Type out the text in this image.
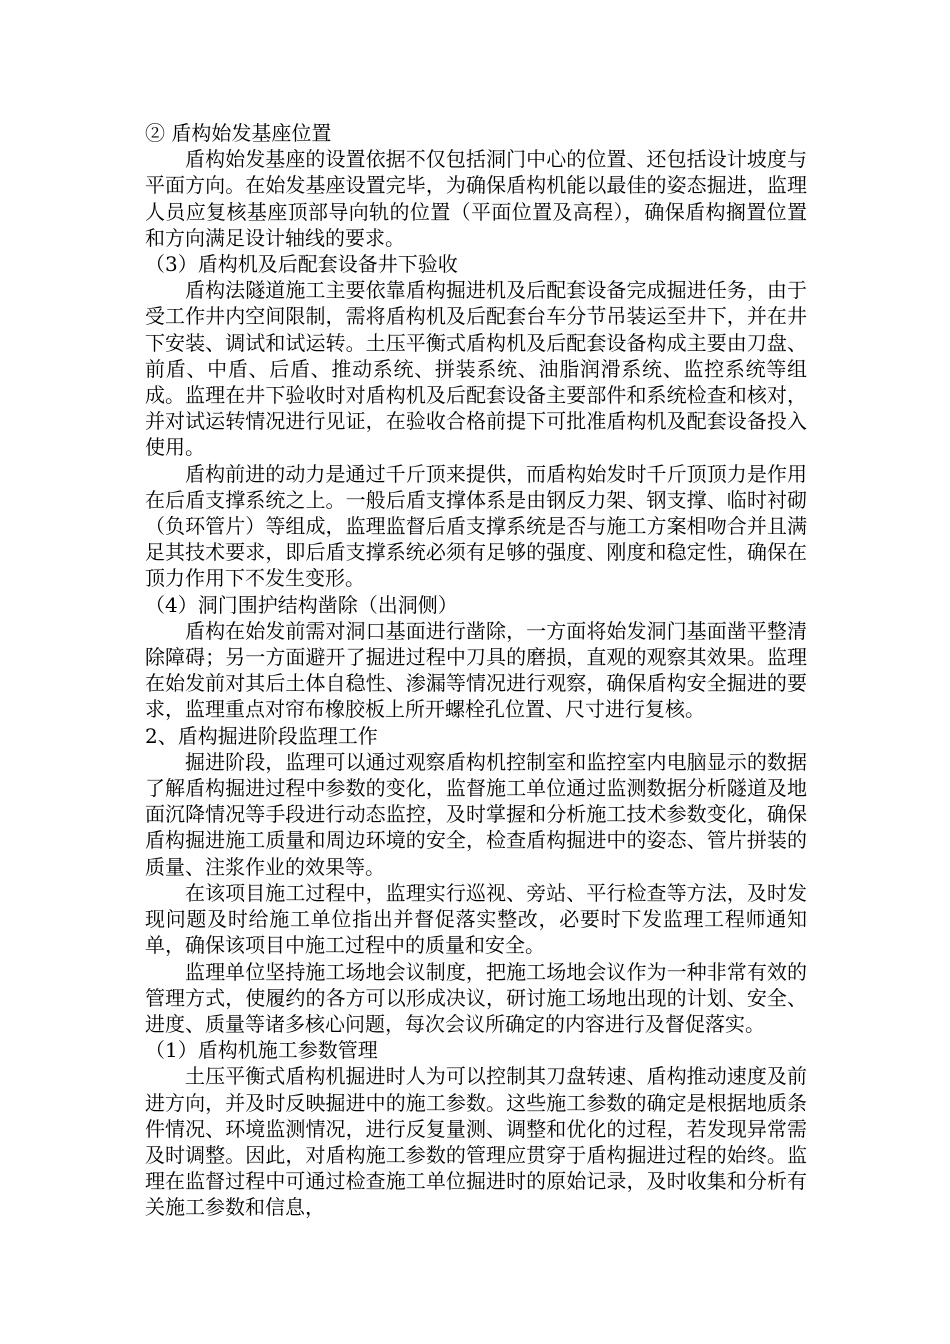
② 盾构始发基座位置

盾构始发基座的设置依据不仅包括洞门中心的位置、还包括设计坡度与平面方向。在始发基座设置完毕，为确保盾构机能以最佳的姿态掘进，监理人员应复核基座顶部导向轨的位置（平面位置及高程），确保盾构搁置位置和方向满足设计轴线的要求。

（3）盾构机及后配套设备井下验收

盾构法隧道施工主要依靠盾构掘进机及后配套设备完成掘进任务，由于受工作井内空间限制，需将盾构机及后配套台车分节吊装运至井下，并在井下安装、调试和试运转。土压平衡式盾构机及后配套设备构成主要由刀盘、前盾、中盾、后盾、推动系统、拼装系统、油脂润滑系统、监控系统等组成。监理在井下验收时对盾构机及后配套设备主要部件和系统检查和核对，并对试运转情况进行见证，在验收合格前提下可批准盾构机及配套设备投入使用。

盾构前进的动力是通过千斤顶来提供，而盾构始发时千斤顶顶力是作用在后盾支撑系统之上。一般后盾支撑体系是由钢反力架、钢支撑、临时衬砌（负环管片）等组成，监理监督后盾支撑系统是否与施工方案相吻合并且满足其技术要求，即后盾支撑系统必须有足够的强度、刚度和稳定性，确保在顶力作用下不发生变形。

（4）洞门围护结构凿除（出洞侧）

盾构在始发前需对洞口基面进行凿除，一方面将始发洞门基面凿平整清除障碍；另一方面避开了掘进过程中刀具的磨损，直观的观察其效果。监理在始发前对其后土体自稳性、渗漏等情况进行观察，确保盾构安全掘进的要求，监理重点对帘布橡胶板上所开螺栓孔位置、尺寸进行复核。

2、盾构掘进阶段监理工作

掘进阶段，监理可以通过观察盾构机控制室和监控室内电脑显示的数据了解盾构掘进过程中参数的变化，监督施工单位通过监测数据分析隧道及地面沉降情况等手段进行动态监控，及时掌握和分析施工技术参数变化，确保盾构掘进施工质量和周边环境的安全，检查盾构掘进中的姿态、管片拼装的质量、注浆作业的效果等。

在该项目施工过程中，监理实行巡视、旁站、平行检查等方法，及时发现问题及时给施工单位指出并督促落实整改，必要时下发监理工程师通知单，确保该项目中施工过程中的质量和安全。

监理单位坚持施工场地会议制度，把施工场地会议作为一种非常有效的管理方式，使履约的各方可以形成决议，研讨施工场地出现的计划、安全、进度、质量等诸多核心问题，每次会议所确定的内容进行及督促落实。

（1）盾构机施工参数管理

土压平衡式盾构机掘进时人为可以控制其刀盘转速、盾构推动速度及前进方向，并及时反映掘进中的施工参数。这些施工参数的确定是根据地质条件情况、环境监测情况，进行反复量测、调整和优化的过程，若发现异常需及时调整。因此，对盾构施工参数的管理应贯穿于盾构掘进过程的始终。监理在监督过程中可通过检查施工单位掘进时的原始记录，及时收集和分析有关施工参数和信息，
